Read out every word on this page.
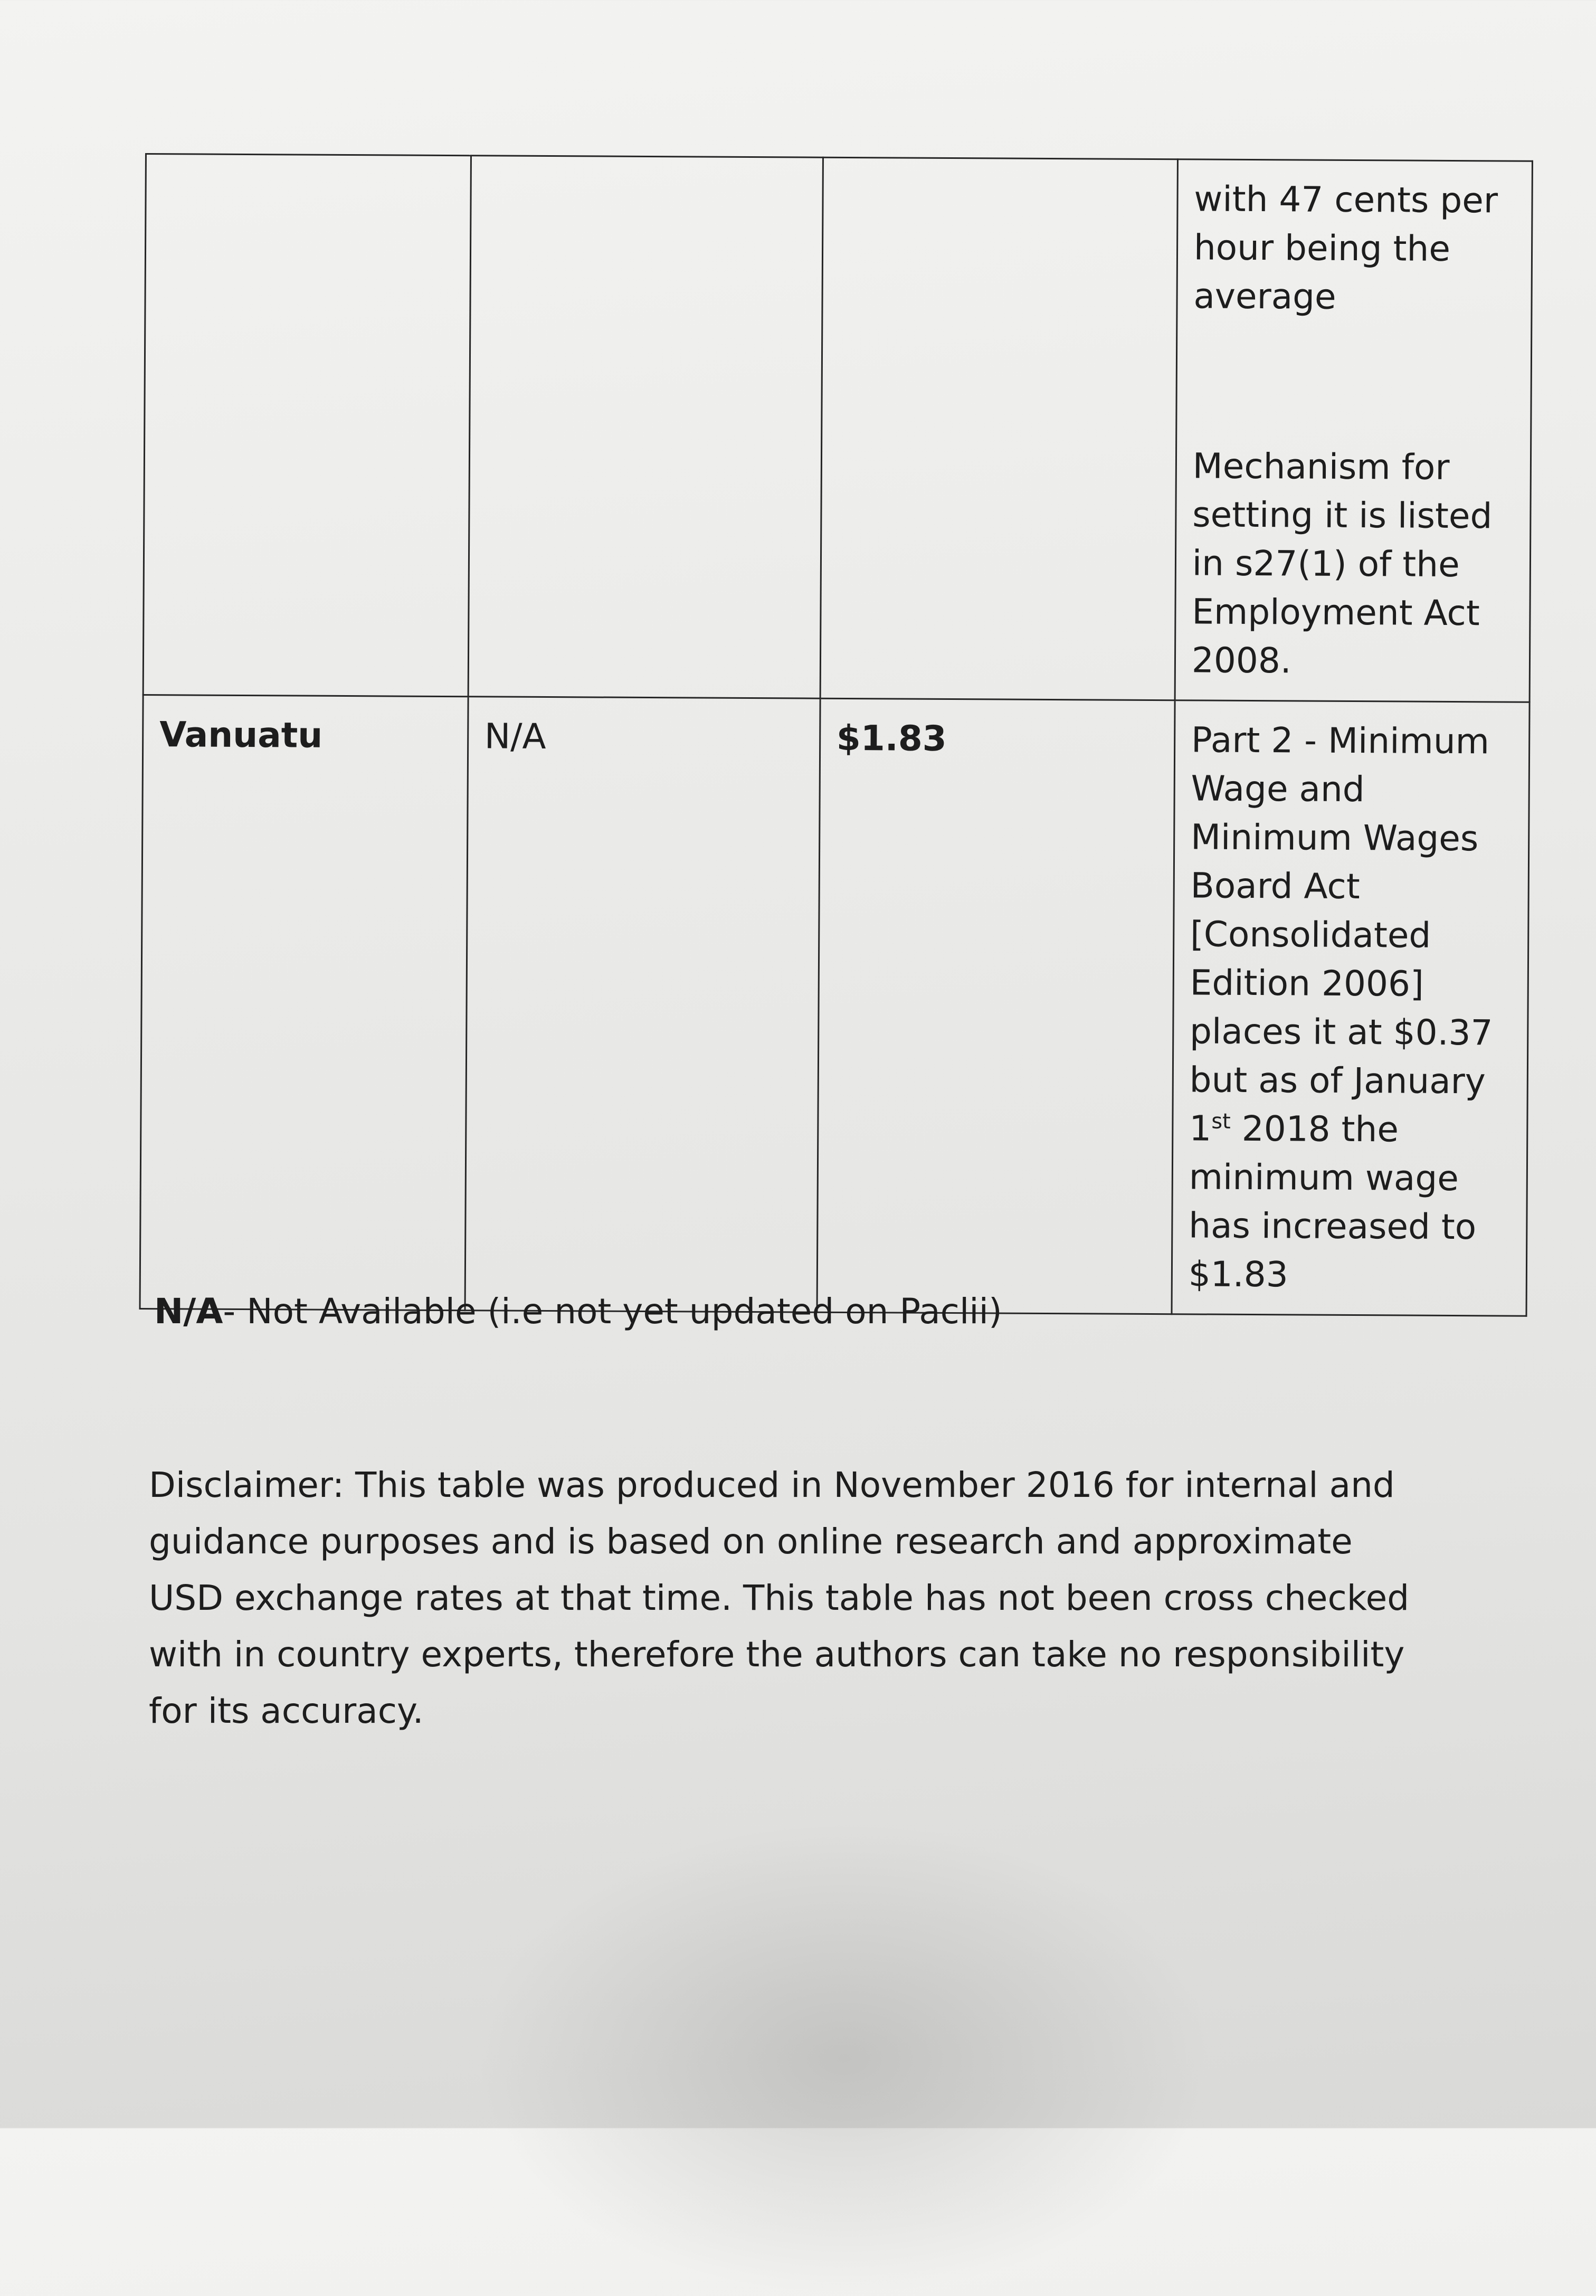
			with 47 cents per hour being the average
Mechanism for setting it is listed in s27(1) of the Employment Act 2008.

Vanuatu	N/A	$1.83	Part 2 - Minimum Wage and Minimum Wages Board Act [Consolidated Edition 2006] places it at $0.37 but as of January 1st 2018 the minimum wage has increased to $1.83
N/A- Not Available (i.e not yet updated on Paclii)
Disclaimer: This table was produced in November 2016 for internal and guidance purposes and is based on online research and approximate USD exchange rates at that time. This table has not been cross checked with in country experts, therefore the authors can take no responsibility for its accuracy.
